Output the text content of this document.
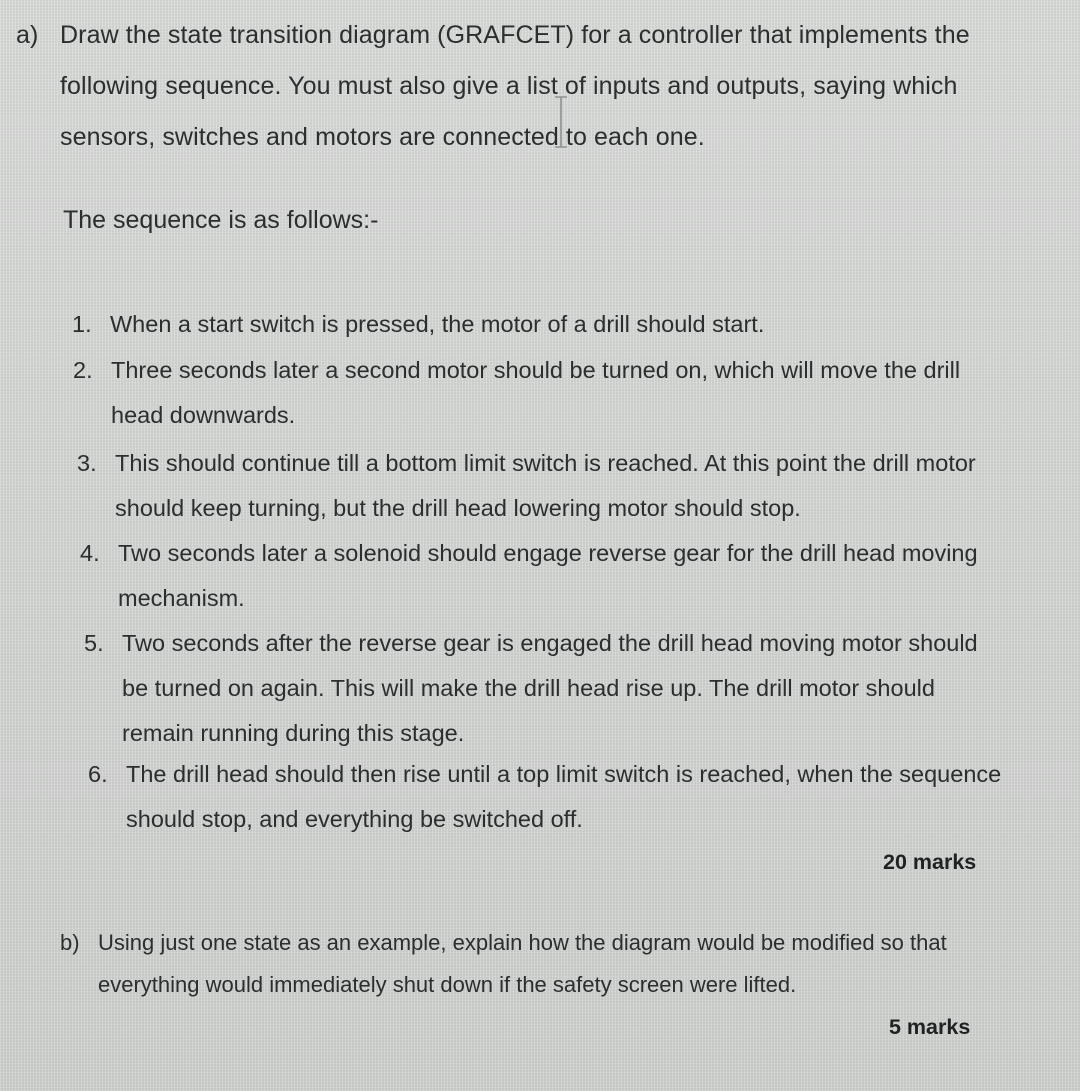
a) Draw the state transition diagram (GRAFCET) for a controller that implements the following sequence. You must also give a list of inputs and outputs, saying which sensors, switches and motors are connected to each one.
The sequence is as follows:-
1. When a start switch is pressed, the motor of a drill should start.
2. Three seconds later a second motor should be turned on, which will move the drill head downwards.
3. This should continue till a bottom limit switch is reached. At this point the drill motor should keep turning, but the drill head lowering motor should stop.
4. Two seconds later a solenoid should engage reverse gear for the drill head moving mechanism.
5. Two seconds after the reverse gear is engaged the drill head moving motor should be turned on again. This will make the drill head rise up. The drill motor should remain running during this stage.
6. The drill head should then rise until a top limit switch is reached, when the sequence should stop, and everything be switched off.
20 marks
b) Using just one state as an example, explain how the diagram would be modified so that everything would immediately shut down if the safety screen were lifted.
5 marks
